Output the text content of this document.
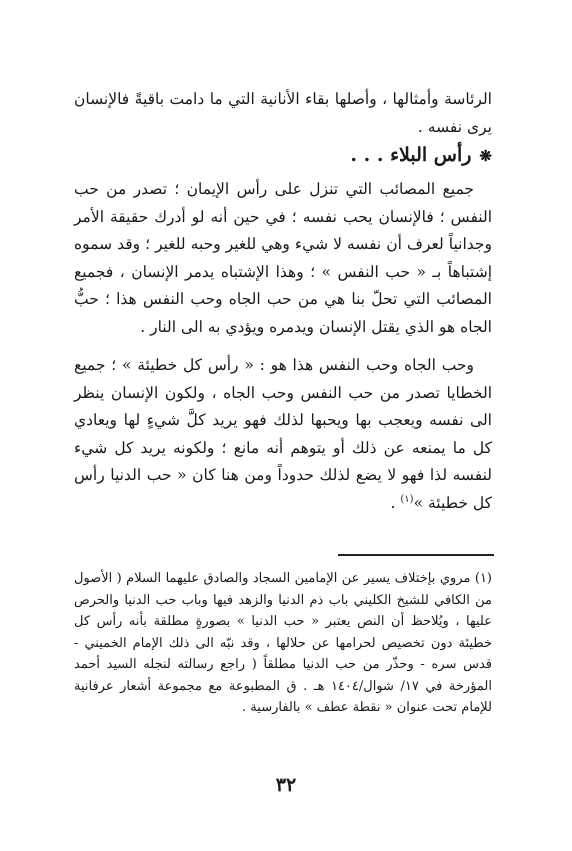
الرئاسة وأمثالها ، وأصلها بقاء الأنانية التي ما دامت باقيةً فالإنسان يرى نفسه .

❋رأس البلاء . . .

جميع المصائب التي تنزل على رأس الإيمان ؛ تصدر من حب النفس ؛ فالإنسان يحب نفسه ؛ في حين أنه لو أدرك حقيقة الأمر وجدانياً لعرف أن نفسه لا شيء وهي للغير وحبه للغير ؛ وقد سموه إشتباهاً بـ « حب النفس » ؛ وهذا الإشتباه يدمر الإنسان ، فجميع المصائب التي تحلّ بنا هي من حب الجاه وحب النفس هذا ؛ حبُّ الجاه هو الذي يقتل الإنسان ويدمره ويؤدي به الى النار .

وحب الجاه وحب النفس هذا هو : « رأس كل خطيئة » ؛ جميع الخطايا تصدر من حب النفس وحب الجاه ، ولكون الإنسان ينظر الى نفسه ويعجب بها ويحبها لذلك فهو يريد كلَّ شيءٍ لها ويعادي كل ما يمنعه عن ذلك أو يتوهم أنه مانع ؛ ولكونه يريد كل شيء لنفسه لذا فهو لا يضع لذلك حدوداً ومن هنا كان « حب الدنيا رأس كل خطيئة »$^{(١)}$ .

(١) مروي بإختلاف يسير عن الإمامين السجاد والصادق عليهما السلام ( الأصول من الكافي للشيخ الكليني باب ذم الدنيا والزهد فيها وباب حب الدنيا والحرص عليها ، ويُلاحظ أن النص يعتبر « حب الدنيا » بصورةٍ مطلقة بأنه رأس كل خطيئة دون تخصيص لحرامها عن حلالها ، وقد نبّه الى ذلك الإمام الخميني - قدس سره - وحذّر من حب الدنيا مطلقاً ( راجع رسالته لنجله السيد أحمد المؤرخة في ١٧/ شوال/١٤٠٤ هـ . ق المطبوعة مع مجموعة أشعار عرفانية للإمام تحت عنوان « نقطة عطف » بالفارسية .

٣٢
